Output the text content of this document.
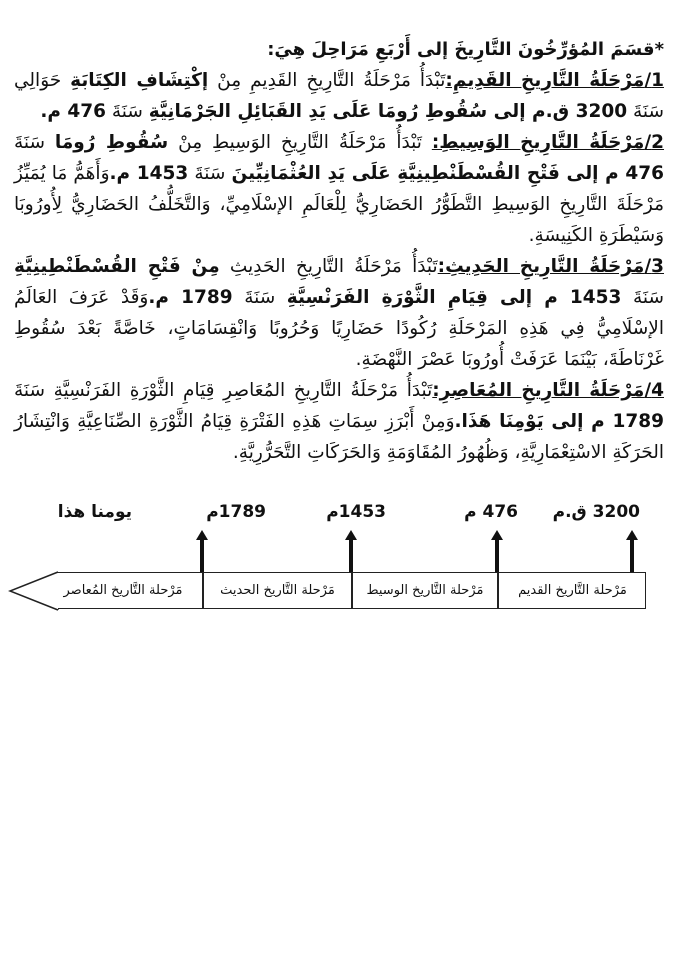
*قسَمَ المُؤرِّخُونَ التَّارِيخَ إلى أَرْبَعِ مَرَاحِلَ هِيَ:

1/مَرْحَلَةُ التَّارِيخِ القَدِيمِ:تَبْدَأُ مَرْحَلَةُ التَّارِيخِ القَدِيمِ مِنْ إكْتِشَافِ الكِتَابَةِ حَوَالِي سَنَةَ 3200 ق.م إلى سُقُوطِ رُومَا عَلَى يَدِ القَبَائِلِ الجَرْمَانِيَّةِ سَنَةَ 476 م.

2/مَرْحَلَةُ التَّارِيخِ الوَسِيطِ: تَبْدَأُ مَرْحَلَةُ التَّارِيخِ الوَسِيطِ مِنْ سُقُوطِ رُومَا سَنَةَ 476 م إلى فَتْحِ القُسْطَنْطِينِيَّةِ عَلَى يَدِ العُثْمَانِيِّينَ سَنَةَ 1453 م.وَأَهَمُّ مَا يُمَيِّزُ مَرْحَلَةَ التَّارِيخِ الوَسِيطِ التَّطَوُّرُ الحَضَارِيُّ لِلْعَالَمِ الإسْلَامِيِّ، وَالتَّخَلُّفُ الحَضَارِيُّ لِأُورُوبَا وَسَيْطَرَةِ الكَنِيسَةِ.

3/مَرْحَلَةُ التَّارِيخِ الحَدِيثِ:تَبْدَأُ مَرْحَلَةُ التَّارِيخِ الحَدِيثِ مِنْ فَتْحِ القُسْطَنْطِينِيَّةِ سَنَةَ 1453 م إلى قِيَامِ الثَّوْرَةِ الفَرَنْسِيَّةِ سَنَةَ 1789 م.وَقَدْ عَرَفَ العَالَمُ الإسْلَامِيُّ فِي هَذِهِ المَرْحَلَةِ رُكُودًا حَضَارِيًا وَحُرُوبًا وَانْقِسَامَاتٍ، خَاصَّةً بَعْدَ سُقُوطِ غَرْنَاطَةَ، بَيْنَمَا عَرَفَتْ أُورُوبَا عَصْرَ النَّهْضَةِ.

4/مَرْحَلَةُ التَّارِيخِ المُعَاصِرِ:تَبْدَأُ مَرْحَلَةُ التَّارِيخِ المُعَاصِرِ قِيَامِ الثَّوْرَةِ الفَرَنْسِيَّةِ سَنَةَ 1789 م إلى يَوْمِنَا هَذَا.وَمِنْ أَبْرَزِ سِمَاتِ هَذِهِ الفَتْرَةِ قِيَامُ الثَّوْرَةِ الصِّنَاعِيَّةِ وَانْتِشَارُ الحَرَكَةِ الاسْتِعْمَارِيَّةِ، وَظُهُورُ المُقَاوَمَةِ وَالحَرَكَاتِ التَّحَرُّرِيَّةِ.

3200 ق.م
476 م
1453م
1789م
يومنا هذا
مَرْحلة التَّاريخ القديم
مَرْحلة التَّاريخ الوسيط
مَرْحلة التَّاريخ الحديث
مَرْحلة التَّاريخ المُعاصر
